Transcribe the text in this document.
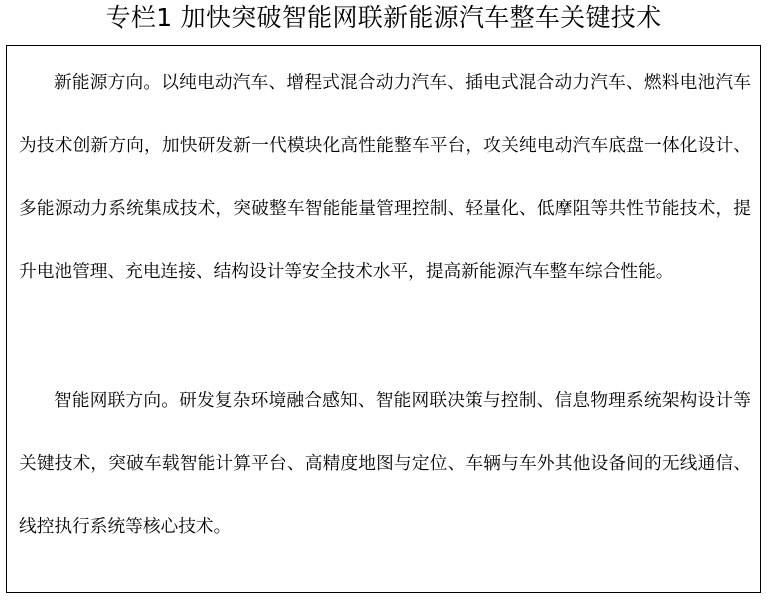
专栏1 加快突破智能网联新能源汽车整车关键技术

新能源方向。以纯电动汽车、增程式混合动力汽车、插电式混合动力汽车、燃料电池汽车为技术创新方向，加快研发新一代模块化高性能整车平台，攻关纯电动汽车底盘一体化设计、多能源动力系统集成技术，突破整车智能能量管理控制、轻量化、低摩阻等共性节能技术，提升电池管理、充电连接、结构设计等安全技术水平，提高新能源汽车整车综合性能。

智能网联方向。研发复杂环境融合感知、智能网联决策与控制、信息物理系统架构设计等关键技术，突破车载智能计算平台、高精度地图与定位、车辆与车外其他设备间的无线通信、线控执行系统等核心技术。
